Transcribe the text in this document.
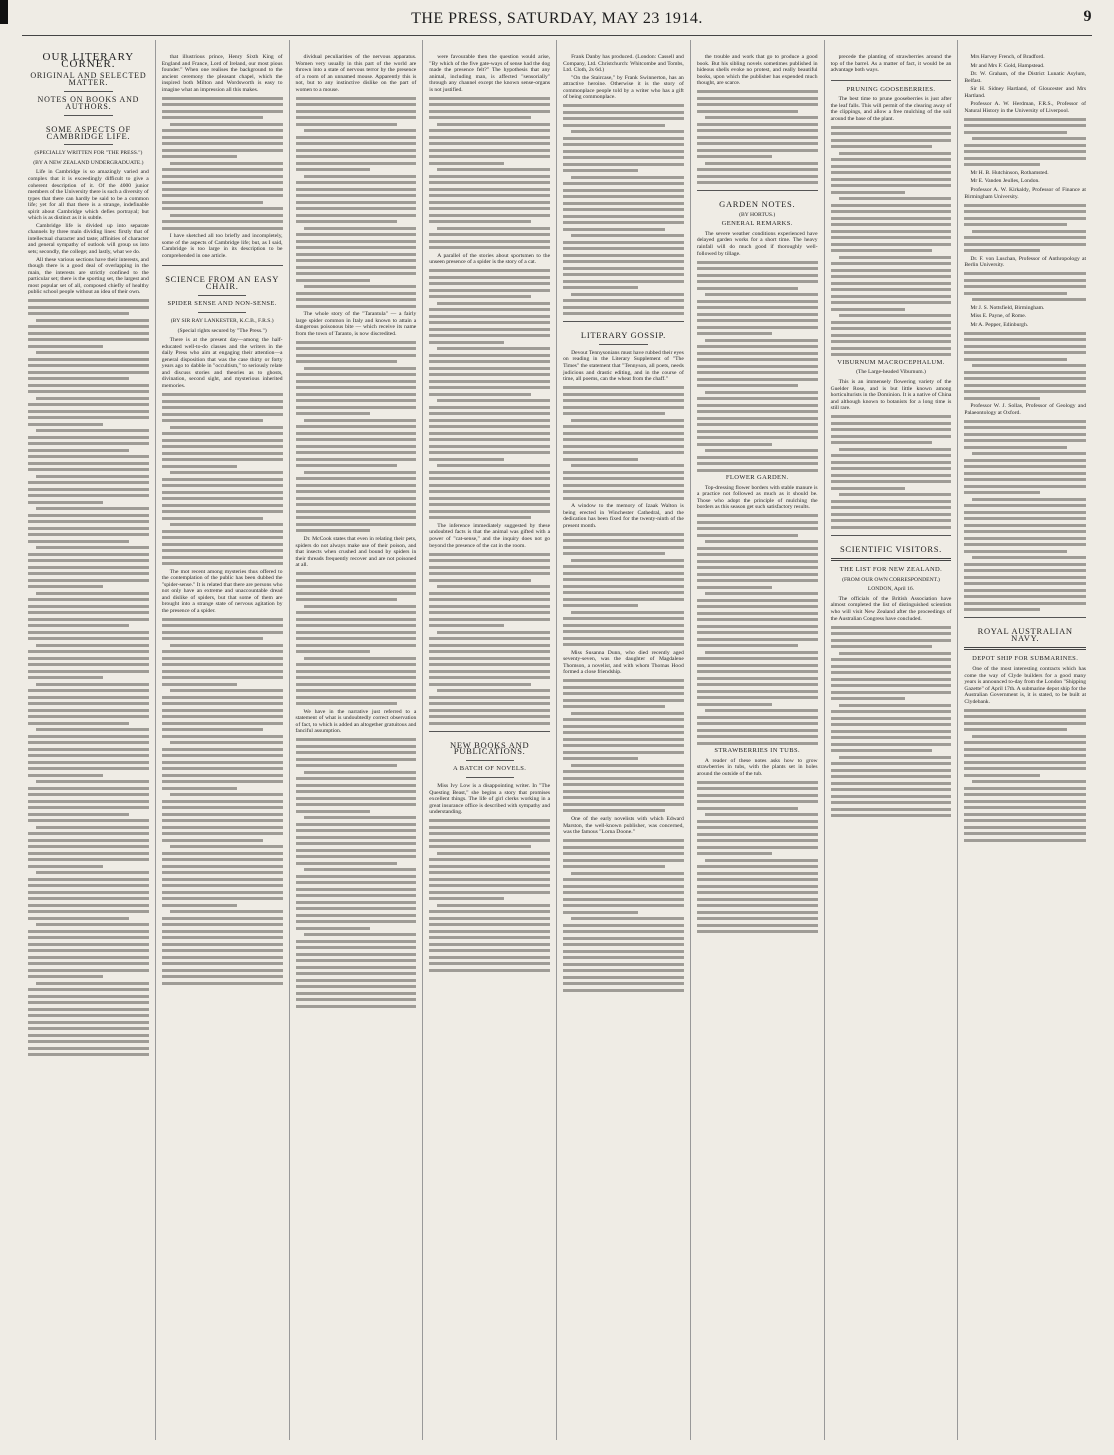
THE PRESS, SATURDAY, MAY 23 1914.	9
OUR LITERARY CORNER.
ORIGINAL AND SELECTED MATTER.
NOTES ON BOOKS AND AUTHORS.
SOME ASPECTS OF CAMBRIDGE LIFE.
(SPECIALLY WRITTEN FOR "THE PRESS.")
(BY A NEW ZEALAND UNDERGRADUATE.)

Life in Cambridge is so amazingly varied and complex that it is exceedingly difficult to give a coherent description of it. Of the 4000 junior members of the University there is such a diversity of types that there can hardly be said to be a common life; yet for all that there is a strange, indefinable spirit about Cambridge which defies portrayal; but which is as distinct as it is subtle.

Cambridge life is divided up into separate channels by three main dividing lines: firstly that of intellectual character and taste; affinities of character and general sympathy of outlook will group us into sets; secondly, the college; and lastly, what we do.

All these various sections have their interests, and though there is a good deal of overlapping in the main, the interests are strictly confined to the particular set; there is the sporting set, the largest and most popular set of all, composed chiefly of healthy public school people without an idea of their own.

that illustrious prince, Henry Sixth King of England and France, Lord of Ireland, our most pious founder." When one realises the background to the ancient ceremony the pleasant chapel, which the inspired both Milton and Wordsworth is easy to imagine what an impression all this makes.

I have sketched all too briefly and incompletely, some of the aspects of Cambridge life; but, as I said, Cambridge is too large in its description to be comprehended in one article.

SCIENCE FROM AN EASY CHAIR.
SPIDER SENSE AND NON-SENSE.
(BY SIR RAY LANKESTER, K.C.B., F.R.S.)
(Special rights secured by "The Press.")

There is at the present day—among the half-educated well-to-do classes and the writers in the daily Press who aim at engaging their attention—a general disposition that was the case thirty or forty years ago to dabble in "occultism," to seriously relate and discuss stories and theories as to ghosts, divination, second sight, and mysterious inherited memories.

The mot recent among mysteries thus offered to the contemplation of the public has been dubbed the "spider-sense." It is related that there are persons who not only have an extreme and unaccountable dread and dislike of spiders, but that some of them are brought into a strange state of nervous agitation by the presence of a spider.

dividual peculiarities of the nervous apparatus. Women very usually in this part of the world are thrown into a state of nervous terror by the presence of a room of an unnamed mouse. Apparently this is not, but to any instinctive dislike on the part of women to a mouse.

The whole story of the "Tarantula" — a fairly large spider common in Italy and known to attain a dangerous poisonous bite — which receive its name from the town of Taranto, is now discredited.

Dr. McCook states that even in relating their pets, spiders do not always make use of their poison, and that insects when crushed and bound by spiders in their threads frequently recover and are not poisoned at all.

We have in the narrative just referred to a statement of what is undoubtedly correct observation of fact, to which is added an altogether gratuitous and fanciful assumption.

were favourable then the question would arise, "By which of the five gate-ways of sense had the dog made the presence felt?" The hypothesis that any animal, including man, is affected "sensorially" through any channel except the known sense-organs is not justified.

A parallel of the stories about sportsmen to the unseen presence of a spider is the story of a cat.

The inference immediately suggested by these undoubted facts is that the animal was gifted with a power of "cat-sense," and the inquiry does not go beyond the presence of the cat in the room.

NEW BOOKS AND PUBLICATIONS.
A BATCH OF NOVELS.

Miss Ivy Low is a disappointing writer. In "The Questing Beast," she begins a story that promises excellent things. The life of girl clerks working in a great insurance office is described with sympathy and understanding.

Frank Danby has produced. (London: Cassell and Company, Ltd. Christchurch: Whitcombe and Tombs, Ltd. Cloth, 2s 6d.)

"On the Staircase," by Frank Swinnerton, has an attractive heroine. Otherwise it is the story of commonplace people told by a writer who has a gift of being commonplace.

LITERARY GOSSIP.

Devout Tennysonians must have rubbed their eyes on reading in the Literary Supplement of "The Times" the statement that "Tennyson, all poets, needs judicious and drastic editing, and in the course of time, all poems, can the wheat from the chaff."

A window to the memory of Izaak Walton is being erected in Winchester Cathedral, and the dedication has been fixed for the twenty-ninth of the present month.

Miss Susanna Dunn, who died recently aged seventy-seven, was the daughter of Magdalene Thomson, a novelist, and with whom Thomas Hood formed a close friendship.

One of the early novelists with which Edward Marston, the well-known publisher, was concerned, was the famous "Lorna Doone."

the trouble and work that go to produce a good book. But his sibling novels sometimes published in hideous shells evoke no protest, and really beautiful books, upon which the publisher has expended much thought, are scarce.

GARDEN NOTES.
(BY HORTUS.)
GENERAL REMARKS.

The severe weather conditions experienced have delayed garden works for a short time. The heavy rainfall will do much good if thoroughly well-followed by tillage.

FLOWER GARDEN.

Top-dressing flower borders with stable manure is a practice not followed as much as it should be. Those who adopt the principle of mulching the borders as this season get such satisfactory results.

STRAWBERRIES IN TUBS.

A reader of these notes asks how to grow strawberries in tubs, with the plants set in holes around the outside of the tub.

precede the planting of strawberries around the top of the barrel. As a matter of fact, it would be an advantage both ways.

PRUNING GOOSEBERRIES.

The best time to prune gooseberries is just after the leaf falls. This will permit of the clearing away of the clippings, and allow a free mulching of the soil around the base of the plant.

VIBURNUM MACROCEPHALUM.
(The Large-headed Viburnum.)

This is an immensely flowering variety of the Guelder Rose, and is but little known among horticulturists in the Dominion. It is a native of China and although known to botanists for a long time is still rare.

SCIENTIFIC VISITORS.
THE LIST FOR NEW ZEALAND.
(FROM OUR OWN CORRESPONDENT.)
LONDON, April 16.

The officials of the British Association have almost completed the list of distinguished scientists who will visit New Zealand after the proceedings of the Australian Congress have concluded.

Mrs Harvey French, of Bradford.
Mr and Mrs F. Gold, Hampstead.
Dr. W. Graham, of the District Lunatic Asylum, Belfast.
Sir H. Sidney Hartland, of Gloucester and Mrs Hartland.
Professor A. W. Herdman, F.R.S., Professor of Natural History in the University of Liverpool.
Mr H. B. Hutchinson, Rothamsted.
Mr E. Vanden Jeulles, London.
Professor A. W. Kirkaldy, Professor of Finance at Birmingham University.
Dr. F. von Luschan, Professor of Anthropology at Berlin University.
Mr J. S. Nottsfield, Birmingham.
Miss E. Payne, of Rome.
Mr A. Pepper, Edinburgh.
Professor W. J. Sollas, Professor of Geology and Palaeontology at Oxford.
ROYAL AUSTRALIAN NAVY.
DEPOT SHIP FOR SUBMARINES.

One of the most interesting contracts which has come the way of Clyde builders for a good many years is announced to-day from the London "Shipping Gazette" of April 17th. A submarine depot ship for the Australian Government is, it is stated, to be built at Clydebank.
